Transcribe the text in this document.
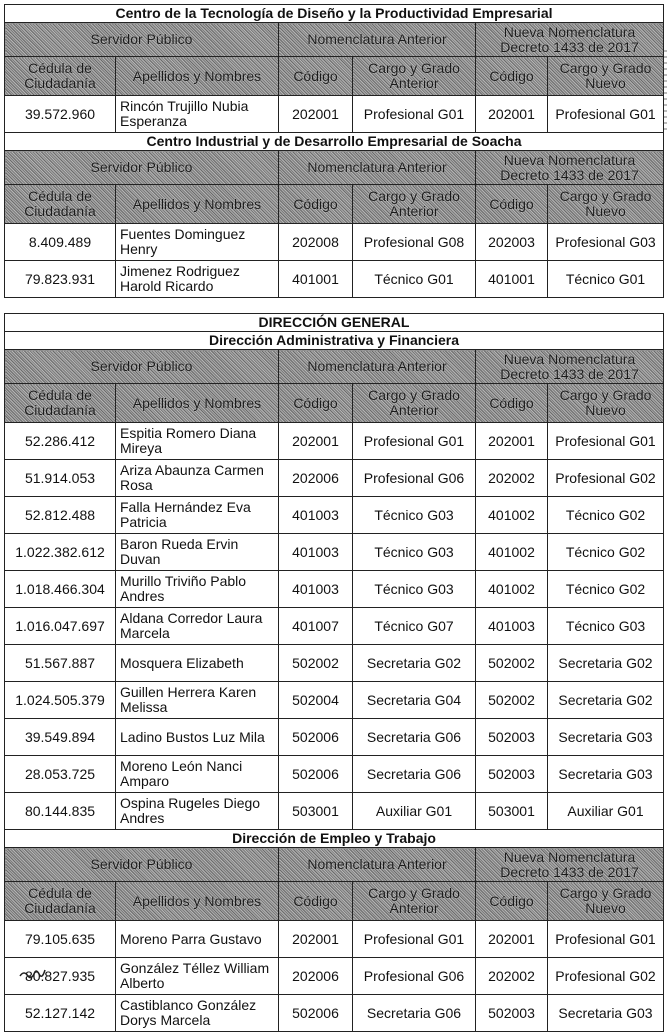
Centro de la Tecnología de Diseño y la Productividad Empresarial					
Servidor Público		Nomenclatura Anterior		Nueva Nomenclatura Decreto 1433 de 2017	
Cédula de Ciudadanía	Apellidos y Nombres	Código	Cargo y Grado Anterior	Código	Cargo y Grado Nuevo
39.572.960	Rincón Trujillo Nubia Esperanza	202001	Profesional G01	202001	Profesional G01
Centro Industrial y de Desarrollo Empresarial de Soacha					
Servidor Público		Nomenclatura Anterior		Nueva Nomenclatura Decreto 1433 de 2017	
Cédula de Ciudadanía	Apellidos y Nombres	Código	Cargo y Grado Anterior	Código	Cargo y Grado Nuevo
8.409.489	Fuentes Dominguez Henry	202008	Profesional G08	202003	Profesional G03
79.823.931	Jimenez Rodriguez Harold Ricardo	401001	Técnico G01	401001	Técnico G01
DIRECCIÓN GENERAL					
Dirección Administrativa y Financiera					
Servidor Público		Nomenclatura Anterior		Nueva Nomenclatura Decreto 1433 de 2017	
Cédula de Ciudadanía	Apellidos y Nombres	Código	Cargo y Grado Anterior	Código	Cargo y Grado Nuevo
52.286.412	Espitia Romero Diana Mireya	202001	Profesional G01	202001	Profesional G01
51.914.053	Ariza Abaunza Carmen Rosa	202006	Profesional G06	202002	Profesional G02
52.812.488	Falla Hernández Eva Patricia	401003	Técnico G03	401002	Técnico G02
1.022.382.612	Baron Rueda Ervin Duvan	401003	Técnico G03	401002	Técnico G02
1.018.466.304	Murillo Triviño Pablo Andres	401003	Técnico G03	401002	Técnico G02
1.016.047.697	Aldana Corredor Laura Marcela	401007	Técnico G07	401003	Técnico G03
51.567.887	Mosquera Elizabeth	502002	Secretaria G02	502002	Secretaria G02
1.024.505.379	Guillen Herrera Karen Melissa	502004	Secretaria G04	502002	Secretaria G02
39.549.894	Ladino Bustos Luz Mila	502006	Secretaria G06	502003	Secretaria G03
28.053.725	Moreno León Nanci Amparo	502006	Secretaria G06	502003	Secretaria G03
80.144.835	Ospina Rugeles Diego Andres	503001	Auxiliar G01	503001	Auxiliar G01
Dirección de Empleo y Trabajo					
Servidor Público		Nomenclatura Anterior		Nueva Nomenclatura Decreto 1433 de 2017	
Cédula de Ciudadanía	Apellidos y Nombres	Código	Cargo y Grado Anterior	Código	Cargo y Grado Nuevo
79.105.635	Moreno Parra Gustavo	202001	Profesional G01	202001	Profesional G01
80.827.935	González Téllez William Alberto	202006	Profesional G06	202002	Profesional G02
52.127.142	Castiblanco González Dorys Marcela	502006	Secretaria G06	502003	Secretaria G03
